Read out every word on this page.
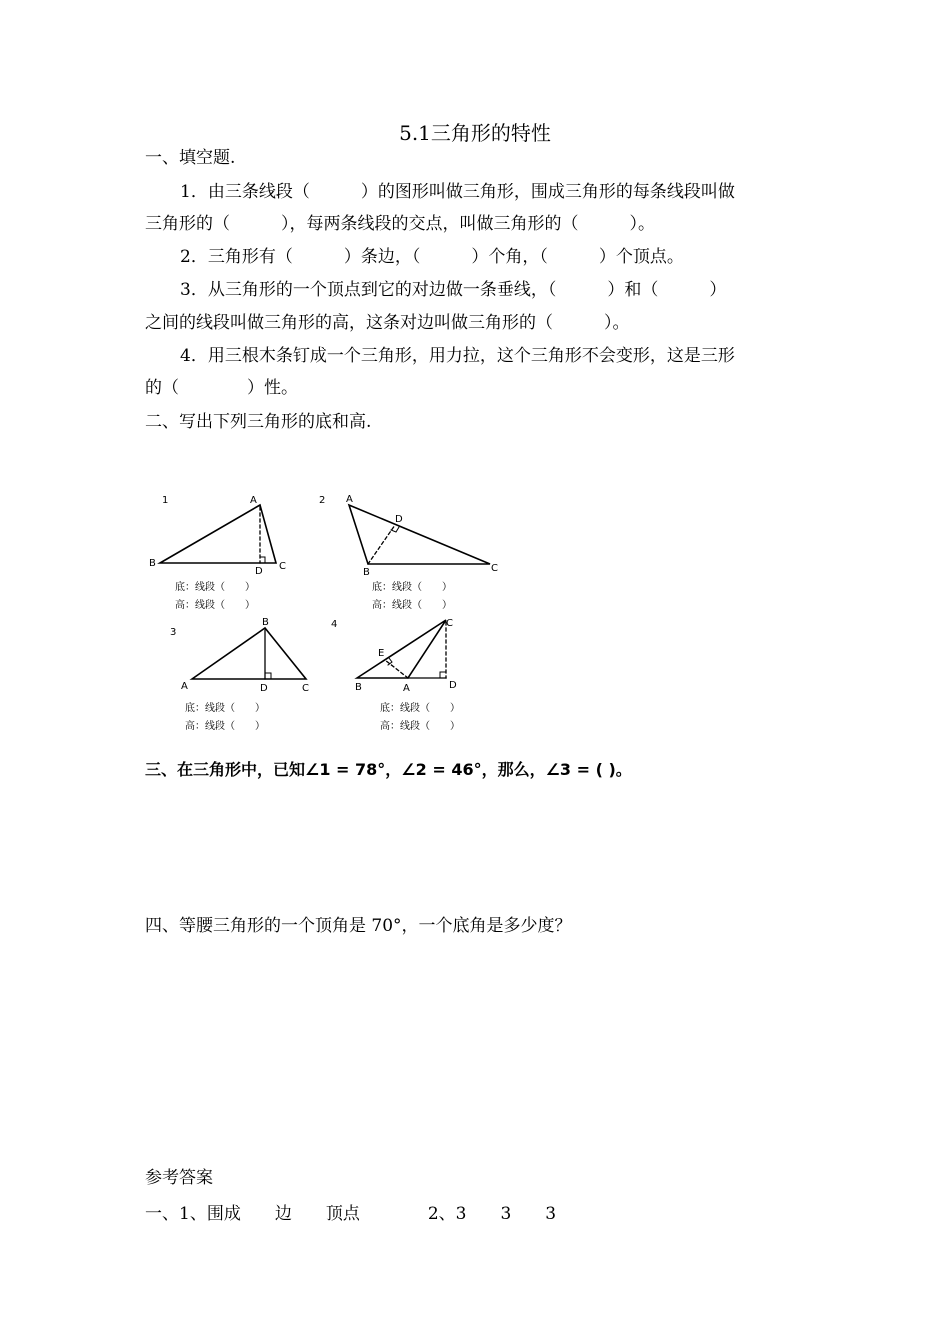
5.1三角形的特性
一、填空题.
1．由三条线段（　　　）的图形叫做三角形，围成三角形的每条线段叫做
三角形的（　　　），每两条线段的交点，叫做三角形的（　　　）。
2．三角形有（　　　）条边，（　　　）个角，（　　　）个顶点。
3．从三角形的一个顶点到它的对边做一条垂线，（　　　）和（　　　）
之间的线段叫做三角形的高，这条对边叫做三角形的（　　　）。
4．用三根木条钉成一个三角形，用力拉，这个三角形不会变形，这是三形
的（　　　　）性。
二、写出下列三角形的底和高.
1	A
B	C
D
底：线段（　　）
高：线段（　　）
2 A
B	C
D
底：线段（　　）
高：线段（　　）
3
B
A	C
D
底：线段（　　）
高：线段（　　）
4	C
E
B	A	D
底：线段（　　）
高：线段（　　）
三、在三角形中，已知∠1 = 78°，∠2 = 46°，那么，∠3 = ( )。
四、等腰三角形的一个顶角是 70°，一个底角是多少度？
参考答案
一、1、围成　　边　　顶点　　　　2、3　　3　　3
